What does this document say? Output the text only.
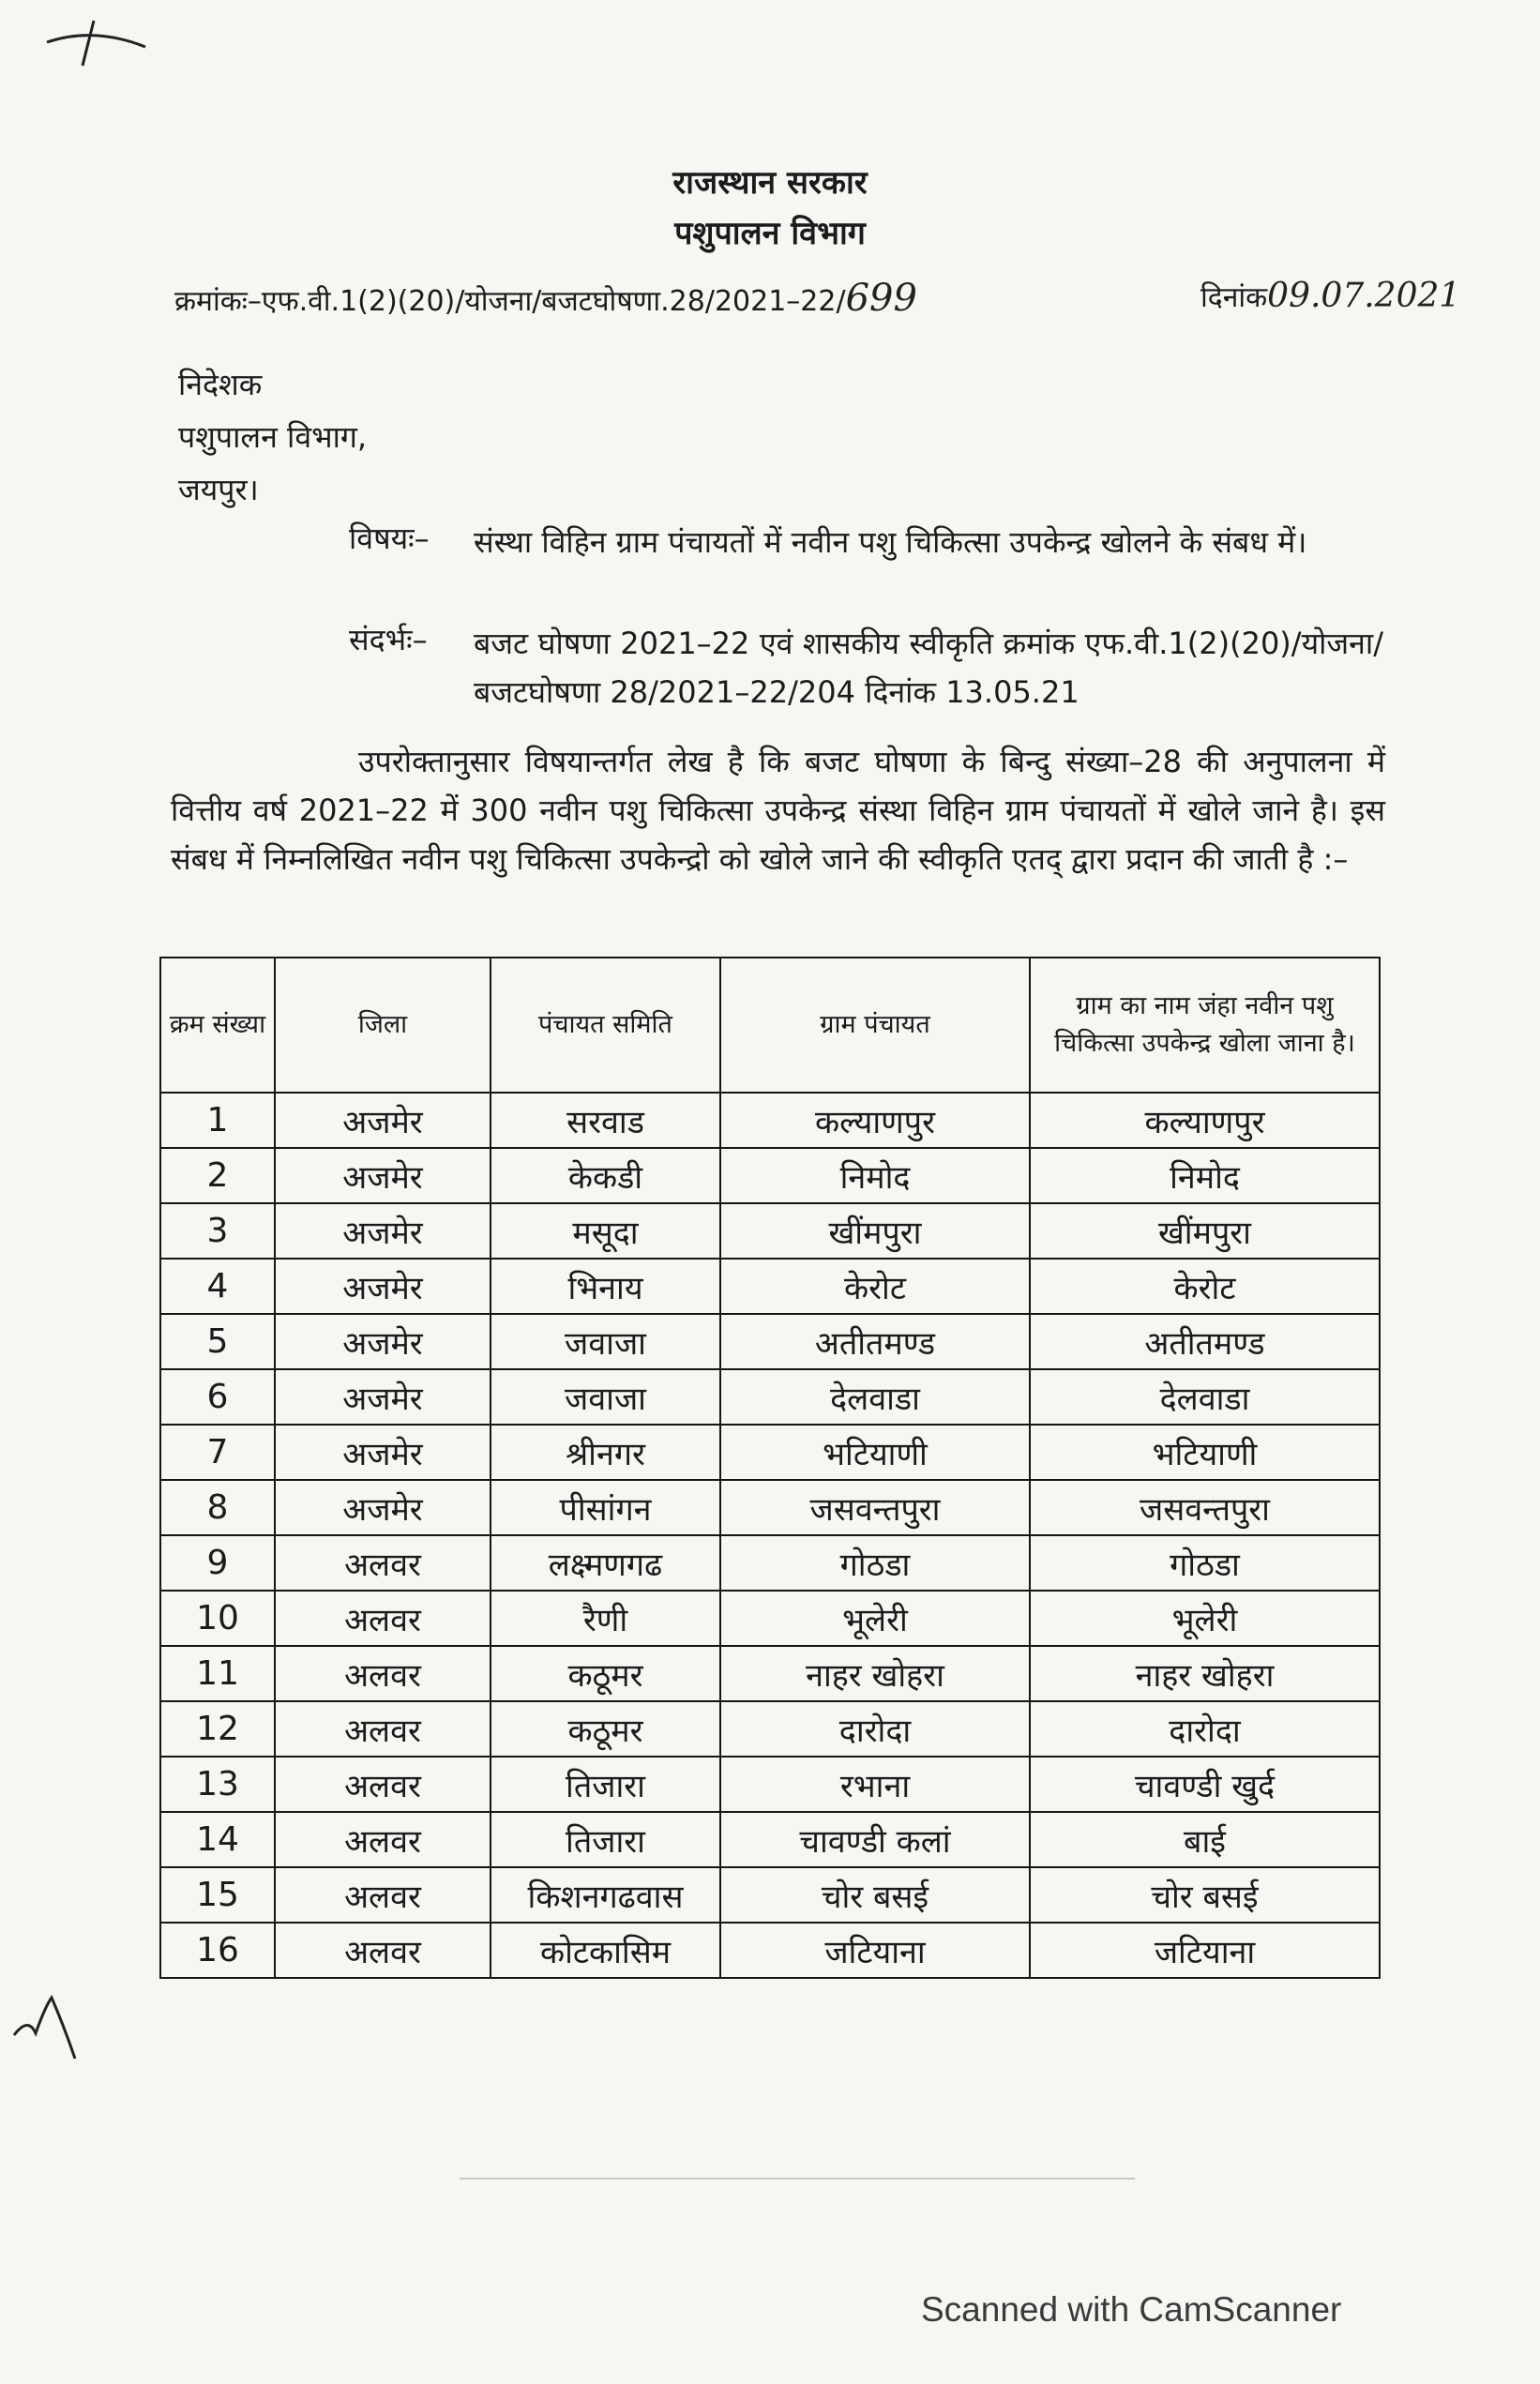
राजस्थान सरकार
पशुपालन विभाग
क्रमांकः–एफ.वी.1(2)(20)/योजना/बजटघोषणा.28/2021–22/699	दिनांक09.07.2021
निदेशक
पशुपालन विभाग,
जयपुर।
विषयः– संस्था विहिन ग्राम पंचायतों में नवीन पशु चिकित्सा उपकेन्द्र खोलने के संबध में।
संदर्भः– बजट घोषणा 2021–22 एवं शासकीय स्वीकृति क्रमांक एफ.वी.1(2)(20)/योजना/बजटघोषणा 28/2021–22/204 दिनांक 13.05.21
उपरोक्तानुसार विषयान्तर्गत लेख है कि बजट घोषणा के बिन्दु संख्या–28 की अनुपालना में वित्तीय वर्ष 2021–22 में 300 नवीन पशु चिकित्सा उपकेन्द्र संस्था विहिन ग्राम पंचायतों में खोले जाने है। इस संबध में निम्नलिखित नवीन पशु चिकित्सा उपकेन्द्रो को खोले जाने की स्वीकृति एतद् द्वारा प्रदान की जाती है :–
क्रम संख्या	जिला	पंचायत समिति	ग्राम पंचायत	ग्राम का नाम जंहा नवीन पशु चिकित्सा उपकेन्द्र खोला जाना है।
1	अजमेर	सरवाड	कल्याणपुर	कल्याणपुर
2	अजमेर	केकडी	निमोद	निमोद
3	अजमेर	मसूदा	खींमपुरा	खींमपुरा
4	अजमेर	भिनाय	केरोट	केरोट
5	अजमेर	जवाजा	अतीतमण्ड	अतीतमण्ड
6	अजमेर	जवाजा	देलवाडा	देलवाडा
7	अजमेर	श्रीनगर	भटियाणी	भटियाणी
8	अजमेर	पीसांगन	जसवन्तपुरा	जसवन्तपुरा
9	अलवर	लक्ष्मणगढ	गोठडा	गोठडा
10	अलवर	रैणी	भूलेरी	भूलेरी
11	अलवर	कठूमर	नाहर खोहरा	नाहर खोहरा
12	अलवर	कठूमर	दारोदा	दारोदा
13	अलवर	तिजारा	रभाना	चावण्डी खुर्द
14	अलवर	तिजारा	चावण्डी कलां	बाई
15	अलवर	किशनगढवास	चोर बसई	चोर बसई
16	अलवर	कोटकासिम	जटियाना	जटियाना
Scanned with CamScanner
